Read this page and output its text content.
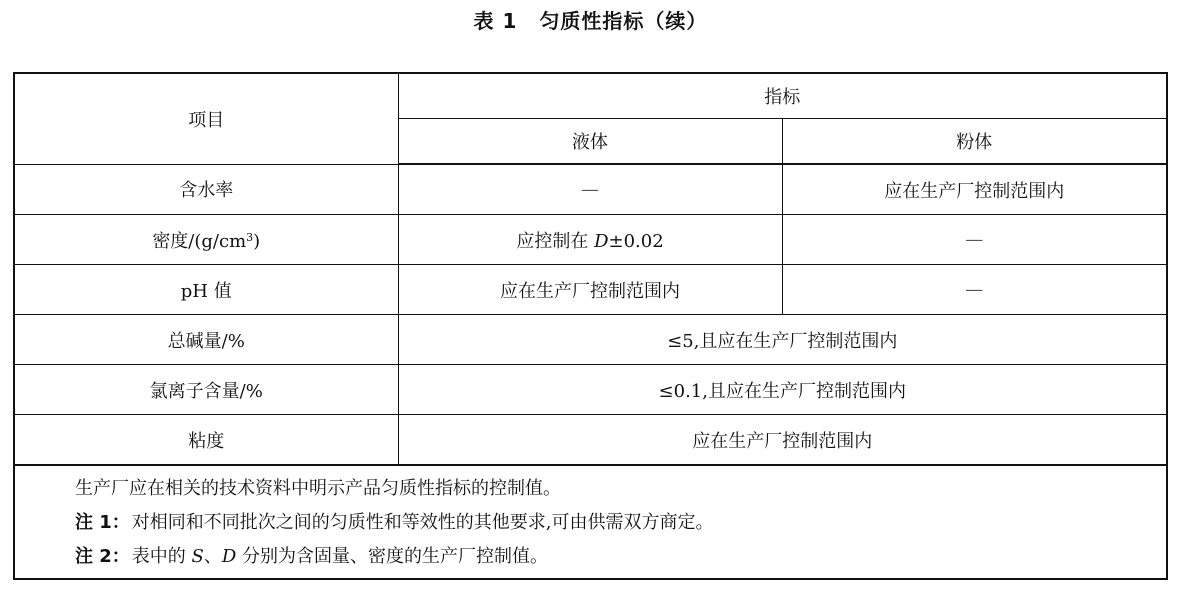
表 1 匀质性指标（续）
项目	指标	
	液体	粉体
含水率	—	应在生产厂控制范围内
密度$/(g/cm^3)$	应控制在 D±0.02	—
pH 值	应在生产厂控制范围内	—
总碱量/%	≤5,且应在生产厂控制范围内	
氯离子含量/%	≤0.1,且应在生产厂控制范围内	
粘度	应在生产厂控制范围内	

生产厂应在相关的技术资料中明示产品匀质性指标的控制值。
注 1： 对相同和不同批次之间的匀质性和等效性的其他要求,可由供需双方商定。
注 2： 表中的 S、D 分别为含固量、密度的生产厂控制值。		
